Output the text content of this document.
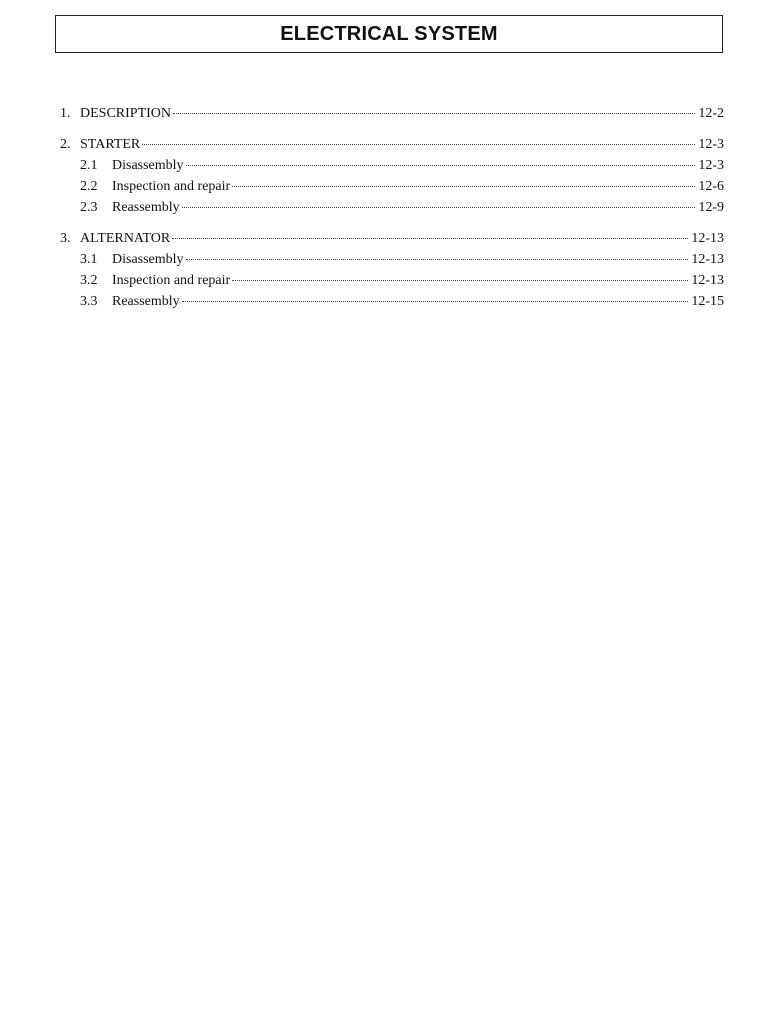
ELECTRICAL SYSTEM
1. DESCRIPTION	12-2
2. STARTER	12-3
2.1	Disassembly	12-3
2.2	Inspection and repair	12-6
2.3	Reassembly	12-9
3. ALTERNATOR	12-13
3.1	Disassembly	12-13
3.2	Inspection and repair	12-13
3.3	Reassembly	12-15
